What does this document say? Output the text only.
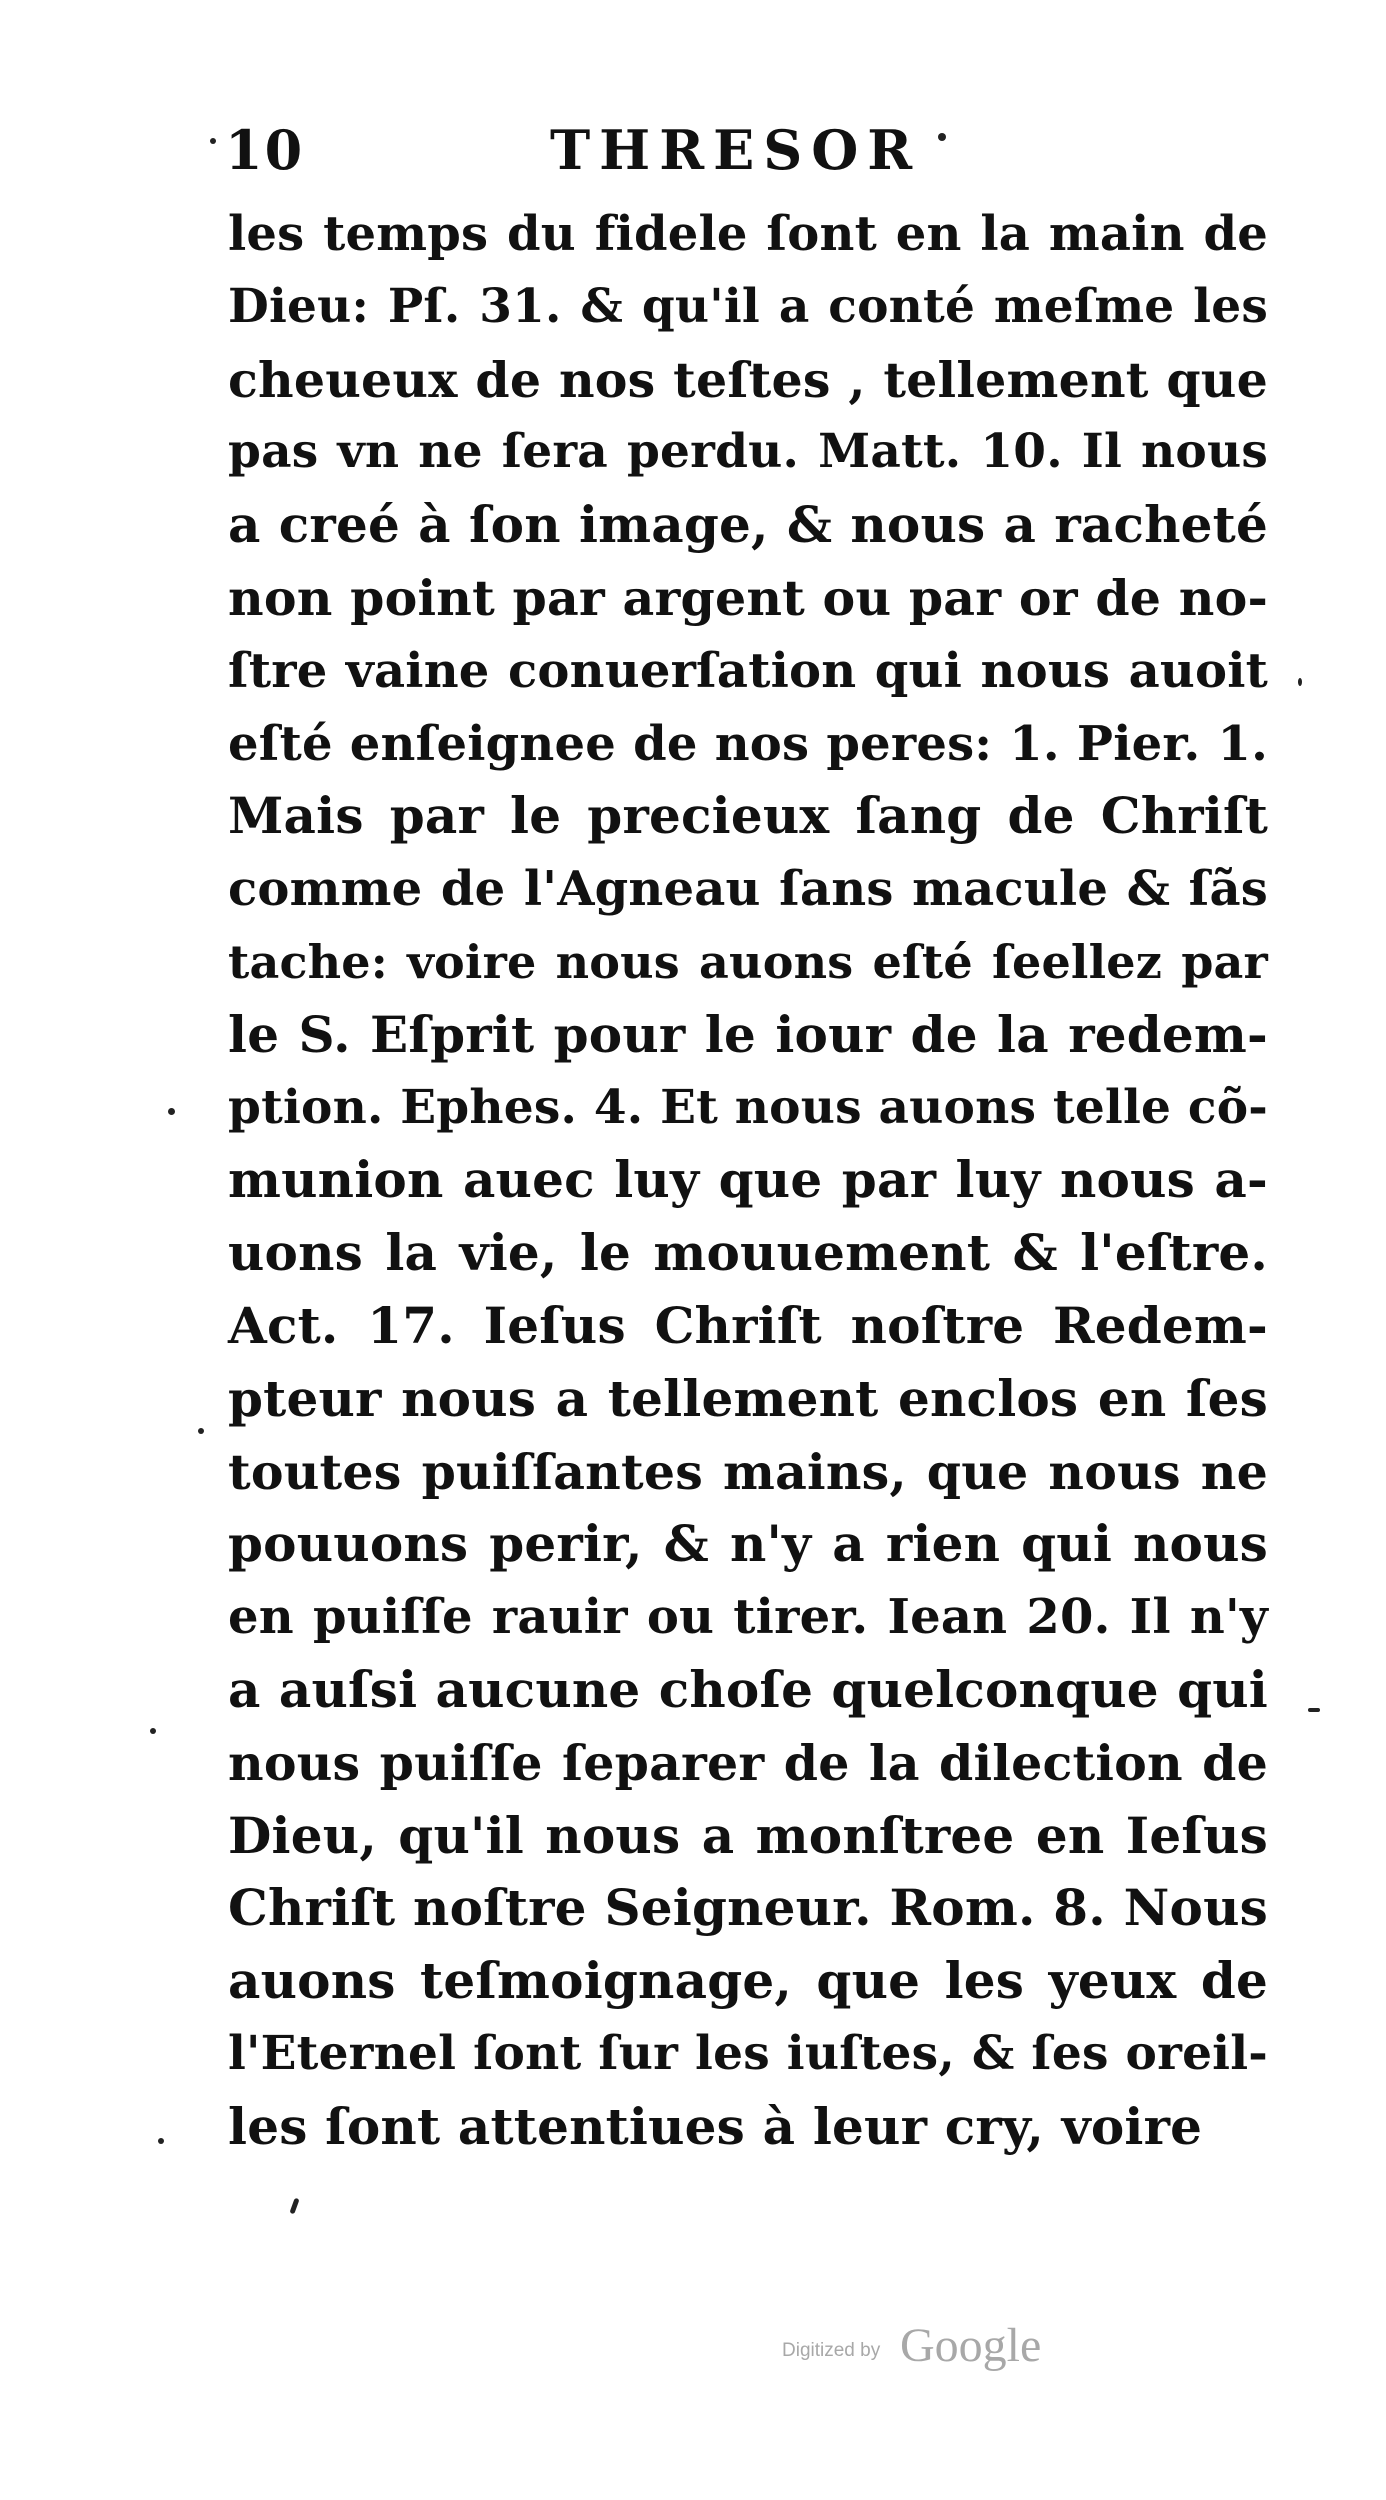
10	THRESOR
les temps du fidele ſont en la main de
Dieu: Pſ. 31. & qu'il a conté meſme les
cheueux de nos teſtes , tellement que
pas vn ne ſera perdu. Matt. 10. Il nous
a creé à ſon image, & nous a racheté
non point par argent ou par or de no-
ſtre vaine conuerſation qui nous auoit
eſté enſeignee de nos peres: 1. Pier. 1.
Mais par le precieux ſang de Chriſt
comme de l'Agneau ſans macule & ſãs
tache: voire nous auons eſté ſeellez par
le S. Eſprit pour le iour de la redem-
ption. Ephes. 4. Et nous auons telle cõ-
munion auec luy que par luy nous a-
uons la vie, le mouuement & l'eſtre.
Act. 17. Ieſus Chriſt noſtre Redem-
pteur nous a tellement enclos en ſes
toutes puiſſantes mains, que nous ne
pouuons perir, & n'y a rien qui nous
en puiſſe rauir ou tirer. Iean 20. Il n'y
a auſsi aucune choſe quelconque qui
nous puiſſe ſeparer de la dilection de
Dieu, qu'il nous a monſtree en Ieſus
Chriſt noſtre Seigneur. Rom. 8. Nous
auons teſmoignage, que les yeux de
l'Eternel ſont ſur les iuſtes, & ſes oreil-
les ſont attentiues à leur cry, voire
Digitized by Google
